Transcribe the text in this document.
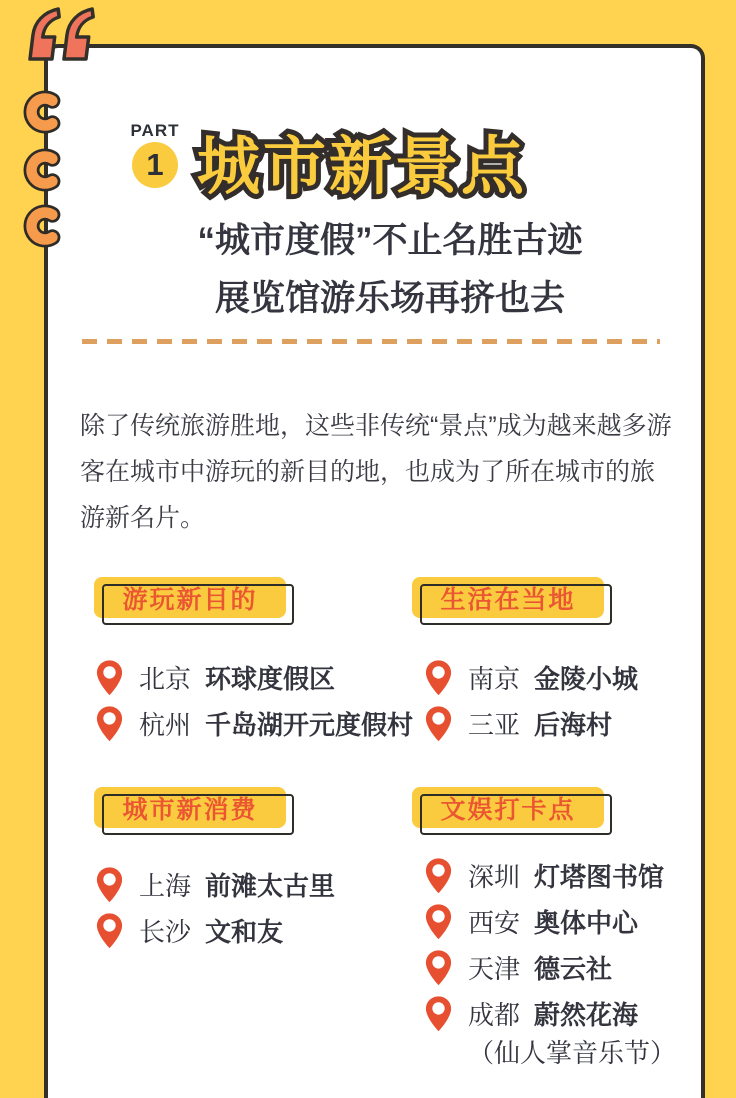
PART
1 城市新景点
“城市度假”不止名胜古迹
展览馆游乐场再挤也去
除了传统旅游胜地，这些非传统“景点”成为越来越多游客在城市中游玩的新目的地，也成为了所在城市的旅游新名片。
游玩新目的	生活在当地
城市新消费	文娱打卡点
北京 环球度假区
杭州 千岛湖开元度假村
南京 金陵小城
三亚 后海村
上海 前滩太古里
长沙 文和友
深圳 灯塔图书馆
西安 奥体中心
天津 德云社
成都 蔚然花海
（仙人掌音乐节）
